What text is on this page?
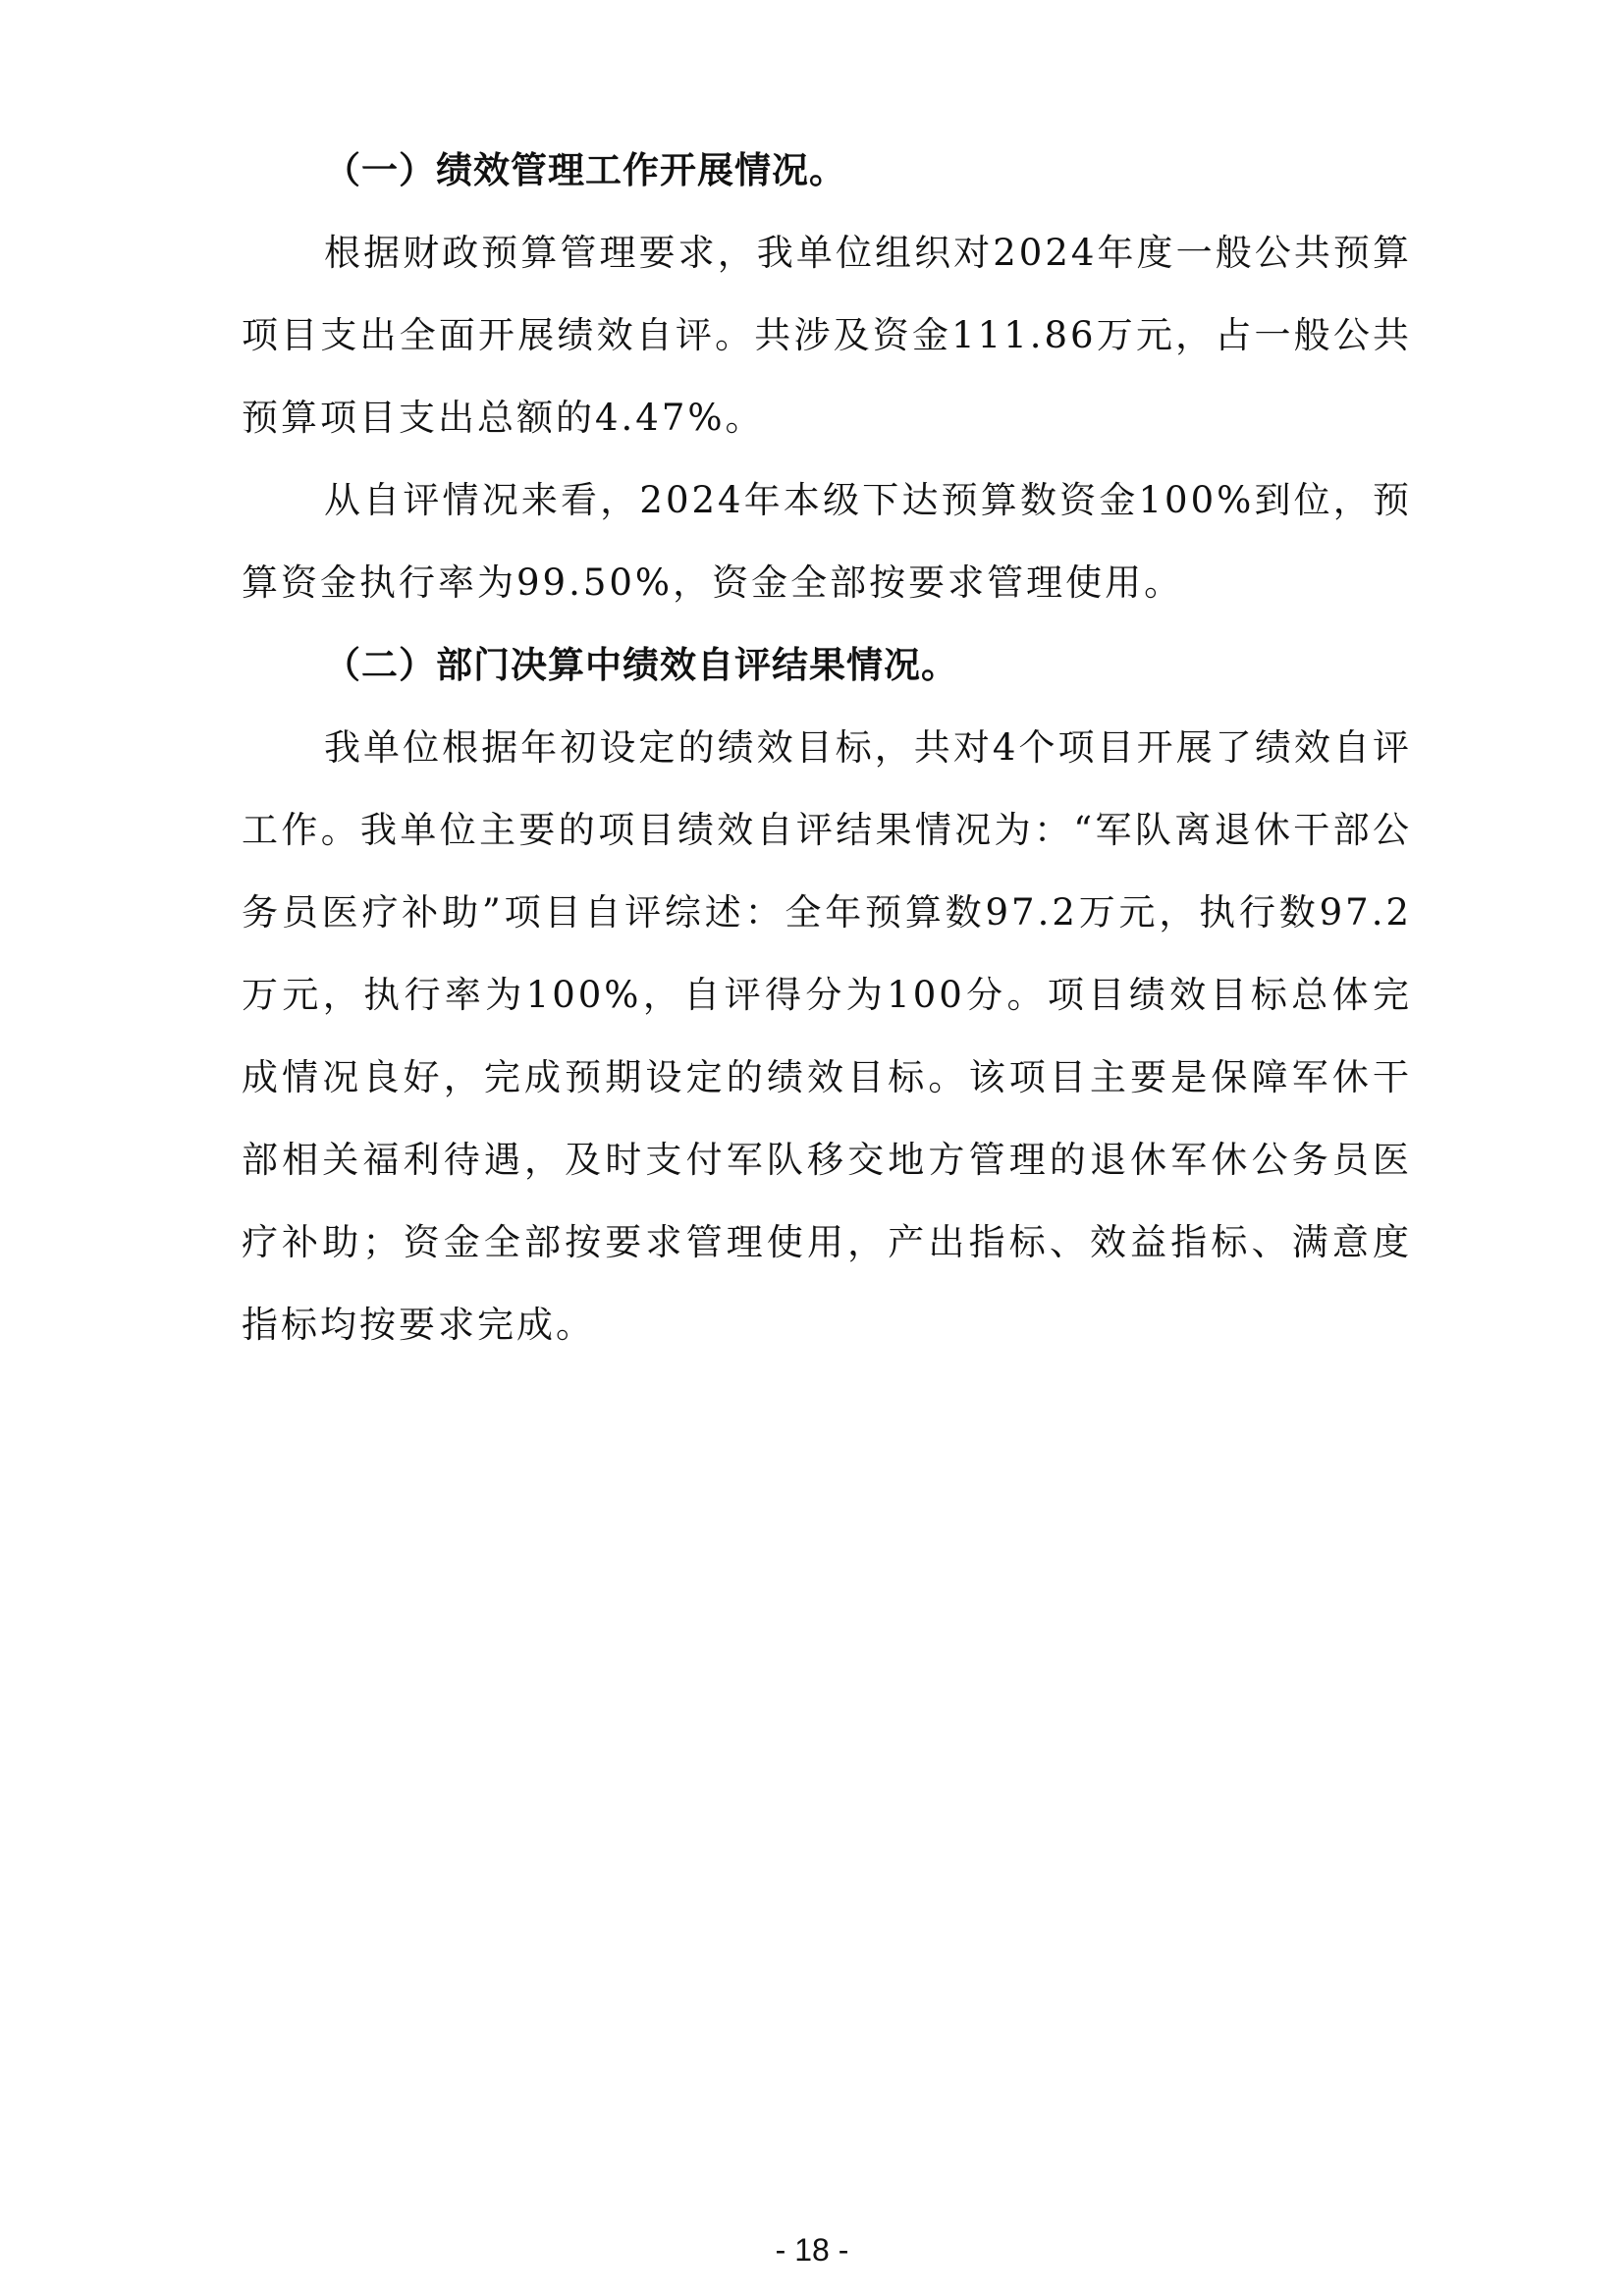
（一）绩效管理工作开展情况。

根据财政预算管理要求，我单位组织对2024年度一般公共预算项目支出全面开展绩效自评。共涉及资金111.86万元，占一般公共预算项目支出总额的4.47%。

从自评情况来看，2024年本级下达预算数资金100%到位，预算资金执行率为99.50%，资金全部按要求管理使用。

（二）部门决算中绩效自评结果情况。

我单位根据年初设定的绩效目标，共对4个项目开展了绩效自评工作。我单位主要的项目绩效自评结果情况为：“军队离退休干部公务员医疗补助”项目自评综述：全年预算数97.2万元，执行数97.2万元，执行率为100%，自评得分为100分。项目绩效目标总体完成情况良好，完成预期设定的绩效目标。该项目主要是保障军休干部相关福利待遇，及时支付军队移交地方管理的退休军休公务员医疗补助；资金全部按要求管理使用，产出指标、效益指标、满意度指标均按要求完成。

- 18 -
